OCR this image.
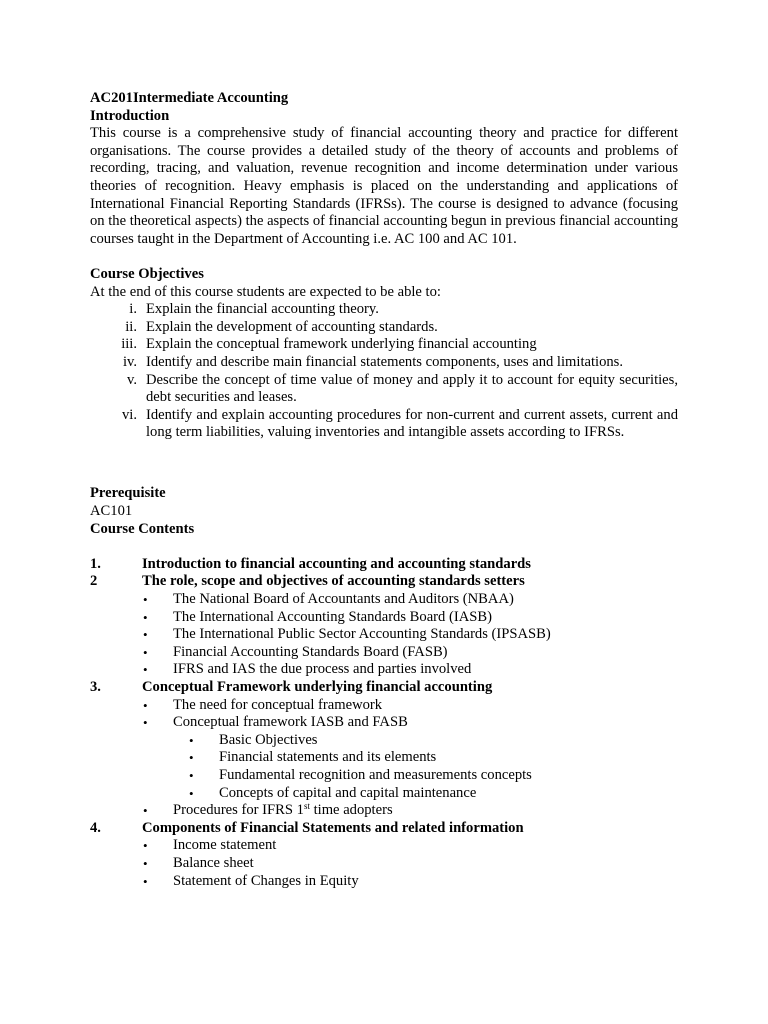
AC201Intermediate Accounting

Introduction

This course is a comprehensive study of financial accounting theory and practice for different organisations. The course provides a detailed study of the theory of accounts and problems of recording, tracing, and valuation, revenue recognition and income determination under various theories of recognition. Heavy emphasis is placed on the understanding and applications of International Financial Reporting Standards (IFRSs). The course is designed to advance (focusing on the theoretical aspects) the aspects of financial accounting begun in previous financial accounting courses taught in the Department of Accounting i.e. AC 100 and AC 101.

Course Objectives

At the end of this course students are expected to be able to:

i. Explain the financial accounting theory.
ii. Explain the development of accounting standards.
iii. Explain the conceptual framework underlying financial accounting
iv. Identify and describe main financial statements components, uses and limitations.
v. Describe the concept of time value of money and apply it to account for equity securities, debt securities and leases.
vi. Identify and explain accounting procedures for non-current and current assets, current and long term liabilities, valuing inventories and intangible assets according to IFRSs.

Prerequisite

AC101

Course Contents

1.	Introduction to financial accounting and accounting standards
2	The role, scope and objectives of accounting standards setters
•	The National Board of Accountants and Auditors (NBAA)
•	The International Accounting Standards Board (IASB)
•	The International Public Sector Accounting Standards (IPSASB)
•	Financial Accounting Standards Board (FASB)
•	IFRS and IAS the due process and parties involved
3.	Conceptual Framework underlying financial accounting
•	The need for conceptual framework
•	Conceptual framework IASB and FASB
•	Basic Objectives
•	Financial statements and its elements
•	Fundamental recognition and measurements concepts
•	Concepts of capital and capital maintenance
•	Procedures for IFRS 1st time adopters
4.	Components of Financial Statements and related information
•	Income statement
•	Balance sheet
•	Statement of Changes in Equity
